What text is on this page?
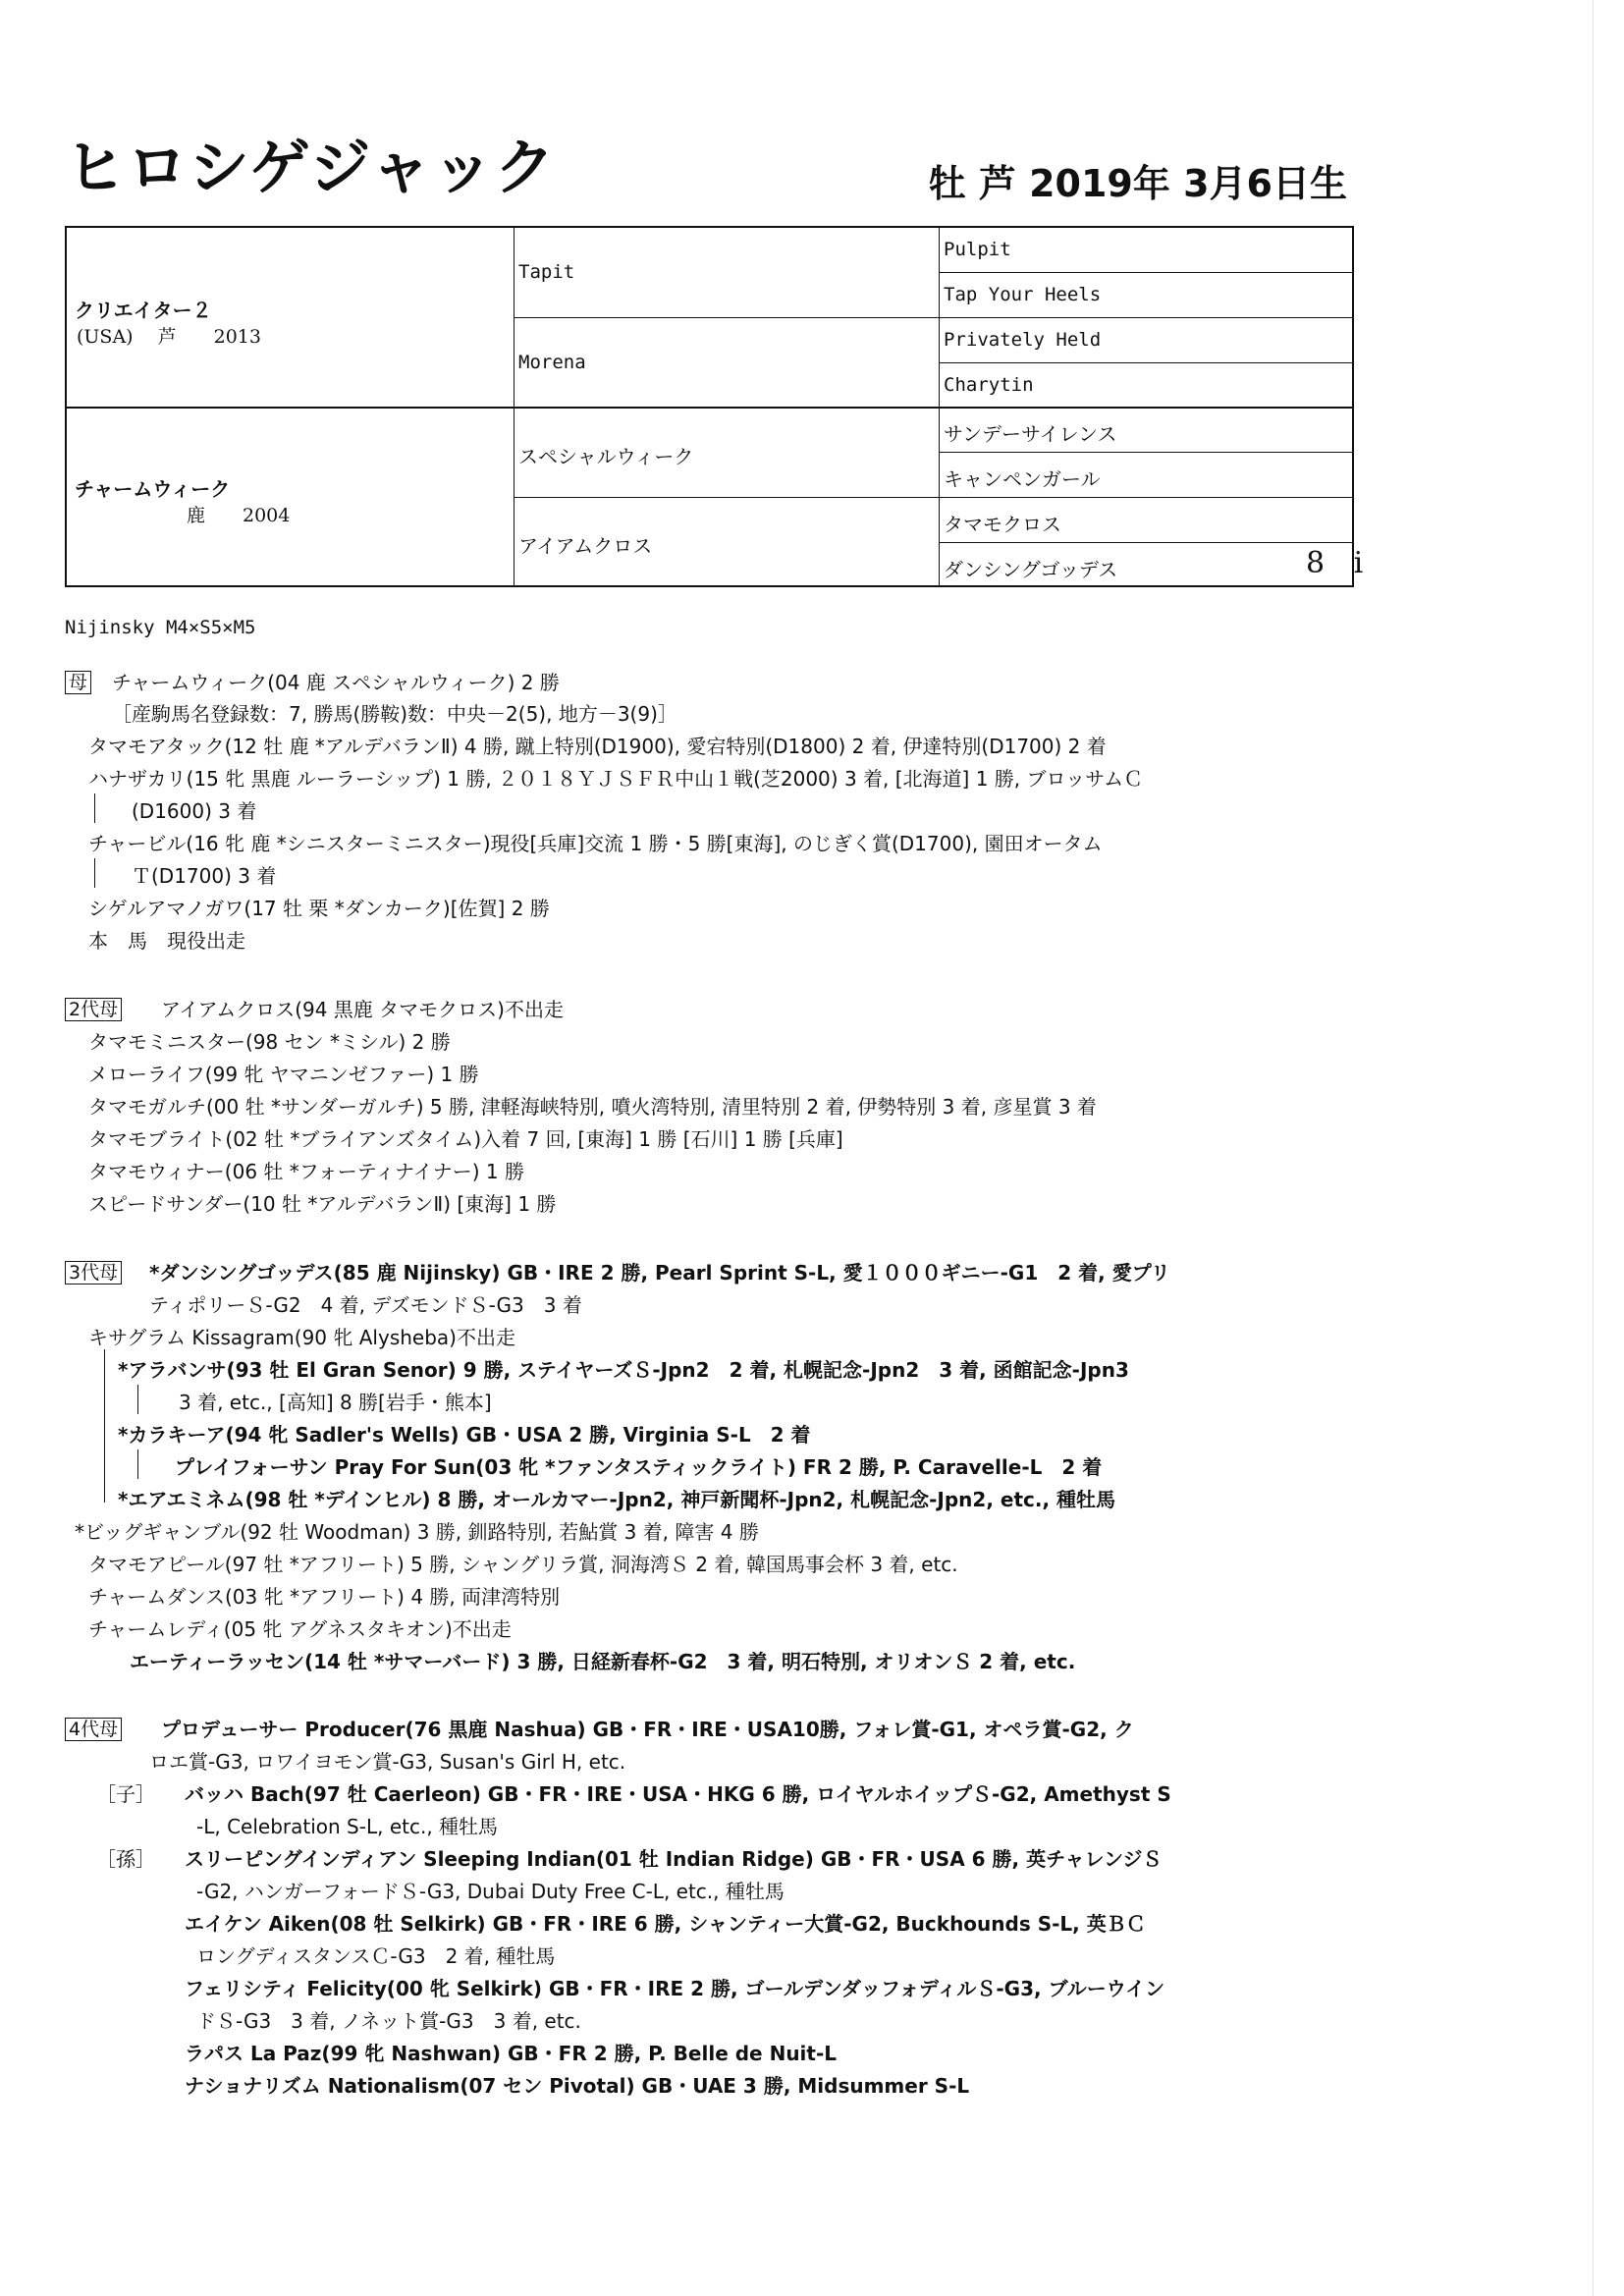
ヒロシゲジャック	牡 芦 2019年 3月6日生
クリエイター２
(USA)　 芦　　2013
チャームウィーク
鹿　　2004
Tapit
Morena
スペシャルウィーク
アイアムクロス
Pulpit
Tap Your Heels
Privately Held
Charytin
サンデーサイレンス
キャンペンガール
タマモクロス
ダンシングゴッデス	8 i
Nijinsky M4×S5×M5
母 チャームウィーク(04 鹿 スペシャルウィーク) 2 勝
［産駒馬名登録数：7, 勝馬(勝鞍)数：中央－2(5), 地方－3(9)］
タマモアタック(12 牡 鹿 *アルデバランⅡ) 4 勝, 蹴上特別(D1900), 愛宕特別(D1800) 2 着, 伊達特別(D1700) 2 着
ハナザカリ(15 牝 黒鹿 ルーラーシップ) 1 勝, ２０１８ＹＪＳＦＲ中山１戦(芝2000) 3 着, [北海道] 1 勝, ブロッサムＣ
(D1600) 3 着
チャービル(16 牝 鹿 *シニスターミニスター)現役[兵庫]交流 1 勝・5 勝[東海], のじぎく賞(D1700), 園田オータム
Ｔ(D1700) 3 着
シゲルアマノガワ(17 牡 栗 *ダンカーク)[佐賀] 2 勝
本　馬　現役出走
2代母 アイアムクロス(94 黒鹿 タマモクロス)不出走
タマモミニスター(98 セン *ミシル) 2 勝
メローライフ(99 牝 ヤマニンゼファー) 1 勝
タマモガルチ(00 牡 *サンダーガルチ) 5 勝, 津軽海峡特別, 噴火湾特別, 清里特別 2 着, 伊勢特別 3 着, 彦星賞 3 着
タマモブライト(02 牡 *ブライアンズタイム)入着 7 回, [東海] 1 勝 [石川] 1 勝 [兵庫]
タマモウィナー(06 牡 *フォーティナイナー) 1 勝
スピードサンダー(10 牡 *アルデバランⅡ) [東海] 1 勝
3代母 *ダンシングゴッデス(85 鹿 Nijinsky) GB・IRE 2 勝, Pearl Sprint S-L, 愛１０００ギニー-G1　2 着, 愛プリ
ティポリーＳ-G2　4 着, デズモンドＳ-G3　3 着
キサグラム Kissagram(90 牝 Alysheba)不出走
*アラバンサ(93 牡 El Gran Senor) 9 勝, ステイヤーズＳ-Jpn2　2 着, 札幌記念-Jpn2　3 着, 函館記念-Jpn3
3 着, etc., [高知] 8 勝[岩手・熊本]
*カラキーア(94 牝 Sadler's Wells) GB・USA 2 勝, Virginia S-L　2 着
プレイフォーサン Pray For Sun(03 牝 *ファンタスティックライト) FR 2 勝, P. Caravelle-L　2 着
*エアエミネム(98 牡 *デインヒル) 8 勝, オールカマー-Jpn2, 神戸新聞杯-Jpn2, 札幌記念-Jpn2, etc., 種牡馬
*ビッグギャンブル(92 牡 Woodman) 3 勝, 釧路特別, 若鮎賞 3 着, 障害 4 勝
タマモアピール(97 牡 *アフリート) 5 勝, シャングリラ賞, 洞海湾Ｓ 2 着, 韓国馬事会杯 3 着, etc.
チャームダンス(03 牝 *アフリート) 4 勝, 両津湾特別
チャームレディ(05 牝 アグネスタキオン)不出走
エーティーラッセン(14 牡 *サマーバード) 3 勝, 日経新春杯-G2　3 着, 明石特別, オリオンＳ 2 着, etc.
4代母 プロデューサー Producer(76 黒鹿 Nashua) GB・FR・IRE・USA10勝, フォレ賞-G1, オペラ賞-G2, ク
ロエ賞-G3, ロワイヨモン賞-G3, Susan's Girl H, etc.
［子］ バッハ Bach(97 牡 Caerleon) GB・FR・IRE・USA・HKG 6 勝, ロイヤルホイップＳ-G2, Amethyst S
-L, Celebration S-L, etc., 種牡馬
［孫］ スリーピングインディアン Sleeping Indian(01 牡 Indian Ridge) GB・FR・USA 6 勝, 英チャレンジＳ
-G2, ハンガーフォードＳ-G3, Dubai Duty Free C-L, etc., 種牡馬
エイケン Aiken(08 牡 Selkirk) GB・FR・IRE 6 勝, シャンティー大賞-G2, Buckhounds S-L, 英ＢＣ
ロングディスタンスＣ-G3　2 着, 種牡馬
フェリシティ Felicity(00 牝 Selkirk) GB・FR・IRE 2 勝, ゴールデンダッフォディルＳ-G3, ブルーウイン
ドＳ-G3　3 着, ノネット賞-G3　3 着, etc.
ラパス La Paz(99 牝 Nashwan) GB・FR 2 勝, P. Belle de Nuit-L
ナショナリズム Nationalism(07 セン Pivotal) GB・UAE 3 勝, Midsummer S-L
